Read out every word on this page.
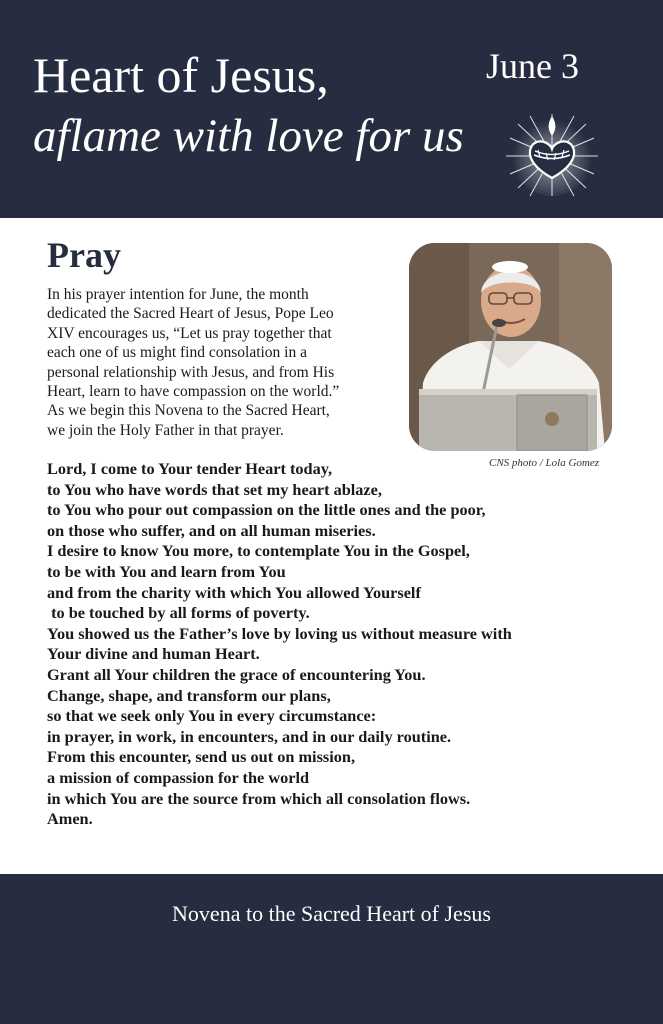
Heart of Jesus,
aflame with love for us
June 3
Pray
In his prayer intention for June, the month
dedicated the Sacred Heart of Jesus, Pope Leo
XIV encourages us, “Let us pray together that
each one of us might find consolation in a
personal relationship with Jesus, and from His
Heart, learn to have compassion on the world.”
As we begin this Novena to the Sacred Heart,
we join the Holy Father in that prayer.
CNS photo / Lola Gomez
Lord, I come to Your tender Heart today,
to You who have words that set my heart ablaze,
to You who pour out compassion on the little ones and the poor,
on those who suffer, and on all human miseries.
I desire to know You more, to contemplate You in the Gospel,
to be with You and learn from You
and from the charity with which You allowed Yourself
to be touched by all forms of poverty.
You showed us the Father’s love by loving us without measure with
Your divine and human Heart.
Grant all Your children the grace of encountering You.
Change, shape, and transform our plans,
so that we seek only You in every circumstance:
in prayer, in work, in encounters, and in our daily routine.
From this encounter, send us out on mission,
a mission of compassion for the world
in which You are the source from which all consolation flows.
Amen.
Novena to the Sacred Heart of Jesus
